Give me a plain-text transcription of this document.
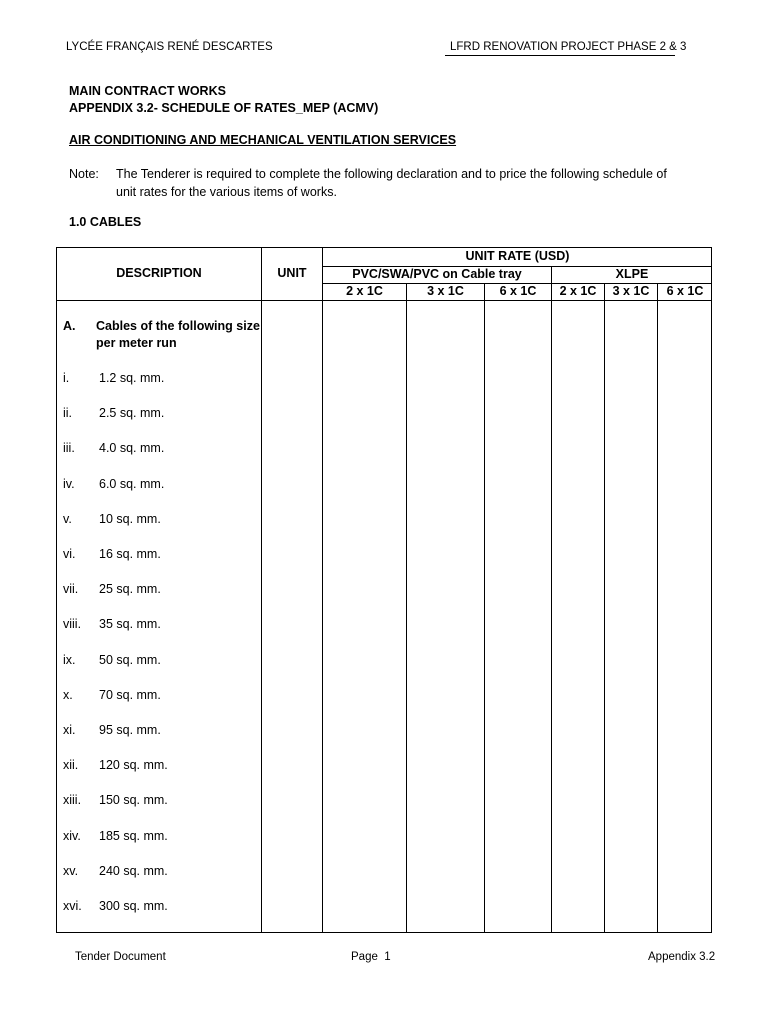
LYCÉE FRANÇAIS RENÉ DESCARTES	LFRD RENOVATION PROJECT PHASE 2 & 3
MAIN CONTRACT WORKS
APPENDIX 3.2- SCHEDULE OF RATES_MEP (ACMV)
AIR CONDITIONING AND MECHANICAL VENTILATION SERVICES
Note: The Tenderer is required to complete the following declaration and to price the following schedule of
unit rates for the various items of works.
1.0 CABLES
DESCRIPTION	UNIT
UNIT RATE (USD)
PVC/SWA/PVC on Cable tray	XLPE
2 x 1C	3 x 1C	6 x 1C	2 x 1C	3 x 1C	6 x 1C
A. Cables of the following size
per meter run
i. 1.2 sq. mm.
ii. 2.5 sq. mm.
iii. 4.0 sq. mm.
iv. 6.0 sq. mm.
v. 10 sq. mm.
vi. 16 sq. mm.
vii. 25 sq. mm.
viii. 35 sq. mm.
ix. 50 sq. mm.
x. 70 sq. mm.
xi. 95 sq. mm.
xii. 120 sq. mm.
xiii. 150 sq. mm.
xiv. 185 sq. mm.
xv. 240 sq. mm.
xvi. 300 sq. mm.
Tender Document	Page  1	Appendix 3.2
